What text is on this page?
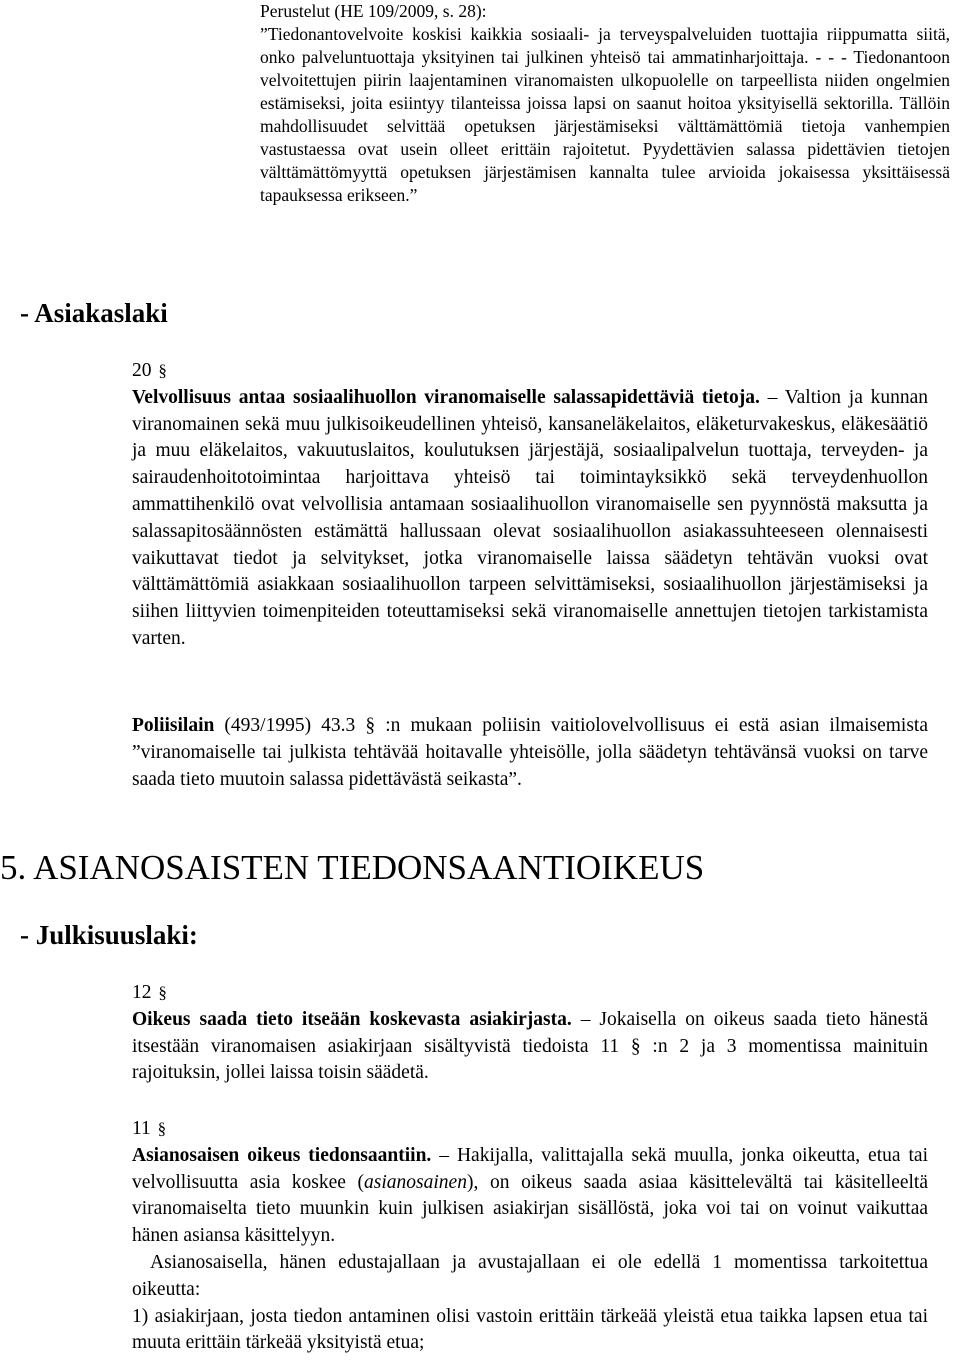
Perustelut (HE 109/2009, s. 28):

”Tiedonantovelvoite koskisi kaikkia sosiaali- ja terveyspalveluiden tuottajia riippumatta siitä, onko palveluntuottaja yksityinen tai julkinen yhteisö tai ammatinharjoittaja. - - - Tiedonantoon velvoitettujen piirin laajentaminen viranomaisten ulkopuolelle on tarpeellista niiden ongelmien estämiseksi, joita esiintyy tilanteissa joissa lapsi on saanut hoitoa yksityisellä sektorilla. Tällöin mahdollisuudet selvittää opetuksen järjestämiseksi välttämättömiä tietoja vanhempien vastustaessa ovat usein olleet erittäin rajoitetut. Pyydettävien salassa pidettävien tietojen välttämättömyyttä opetuksen järjestämisen kannalta tulee arvioida jokaisessa yksittäisessä tapauksessa erikseen.”

- Asiakaslaki
20 §

Velvollisuus antaa sosiaalihuollon viranomaiselle salassapidettäviä tietoja. – Valtion ja kunnan viranomainen sekä muu julkisoikeudellinen yhteisö, kansaneläkelaitos, eläketurvakeskus, eläkesäätiö ja muu eläkelaitos, vakuutuslaitos, koulutuksen järjestäjä, sosiaalipalvelun tuottaja, terveyden- ja sairaudenhoitotoimintaa harjoittava yhteisö tai toimintayksikkö sekä terveydenhuollon ammattihenkilö ovat velvollisia antamaan sosiaalihuollon viranomaiselle sen pyynnöstä maksutta ja salassapitosäännösten estämättä hallussaan olevat sosiaalihuollon asiakassuhteeseen olennaisesti vaikuttavat tiedot ja selvitykset, jotka viranomaiselle laissa säädetyn tehtävän vuoksi ovat välttämättömiä asiakkaan sosiaalihuollon tarpeen selvittämiseksi, sosiaalihuollon järjestämiseksi ja siihen liittyvien toimenpiteiden toteuttamiseksi sekä viranomaiselle annettujen tietojen tarkistamista varten.

Poliisilain (493/1995) 43.3 § :n mukaan poliisin vaitiolovelvollisuus ei estä asian ilmaisemista ”viranomaiselle tai julkista tehtävää hoitavalle yhteisölle, jolla säädetyn tehtävänsä vuoksi on tarve saada tieto muutoin salassa pidettävästä seikasta”.

5. ASIANOSAISTEN TIEDONSAANTIOIKEUS
- Julkisuuslaki:
12 §

Oikeus saada tieto itseään koskevasta asiakirjasta. – Jokaisella on oikeus saada tieto hänestä itsestään viranomaisen asiakirjaan sisältyvistä tiedoista 11 § :n 2 ja 3 momentissa mainituin rajoituksin, jollei laissa toisin säädetä.

11 §

Asianosaisen oikeus tiedonsaantiin. – Hakijalla, valittajalla sekä muulla, jonka oikeutta, etua tai velvollisuutta asia koskee (asianosainen), on oikeus saada asiaa käsittelevältä tai käsitelleeltä viranomaiselta tieto muunkin kuin julkisen asiakirjan sisällöstä, joka voi tai on voinut vaikuttaa hänen asiansa käsittelyyn.

Asianosaisella, hänen edustajallaan ja avustajallaan ei ole edellä 1 momentissa tarkoitettua oikeutta:

1) asiakirjaan, josta tiedon antaminen olisi vastoin erittäin tärkeää yleistä etua taikka lapsen etua tai muuta erittäin tärkeää yksityistä etua;
